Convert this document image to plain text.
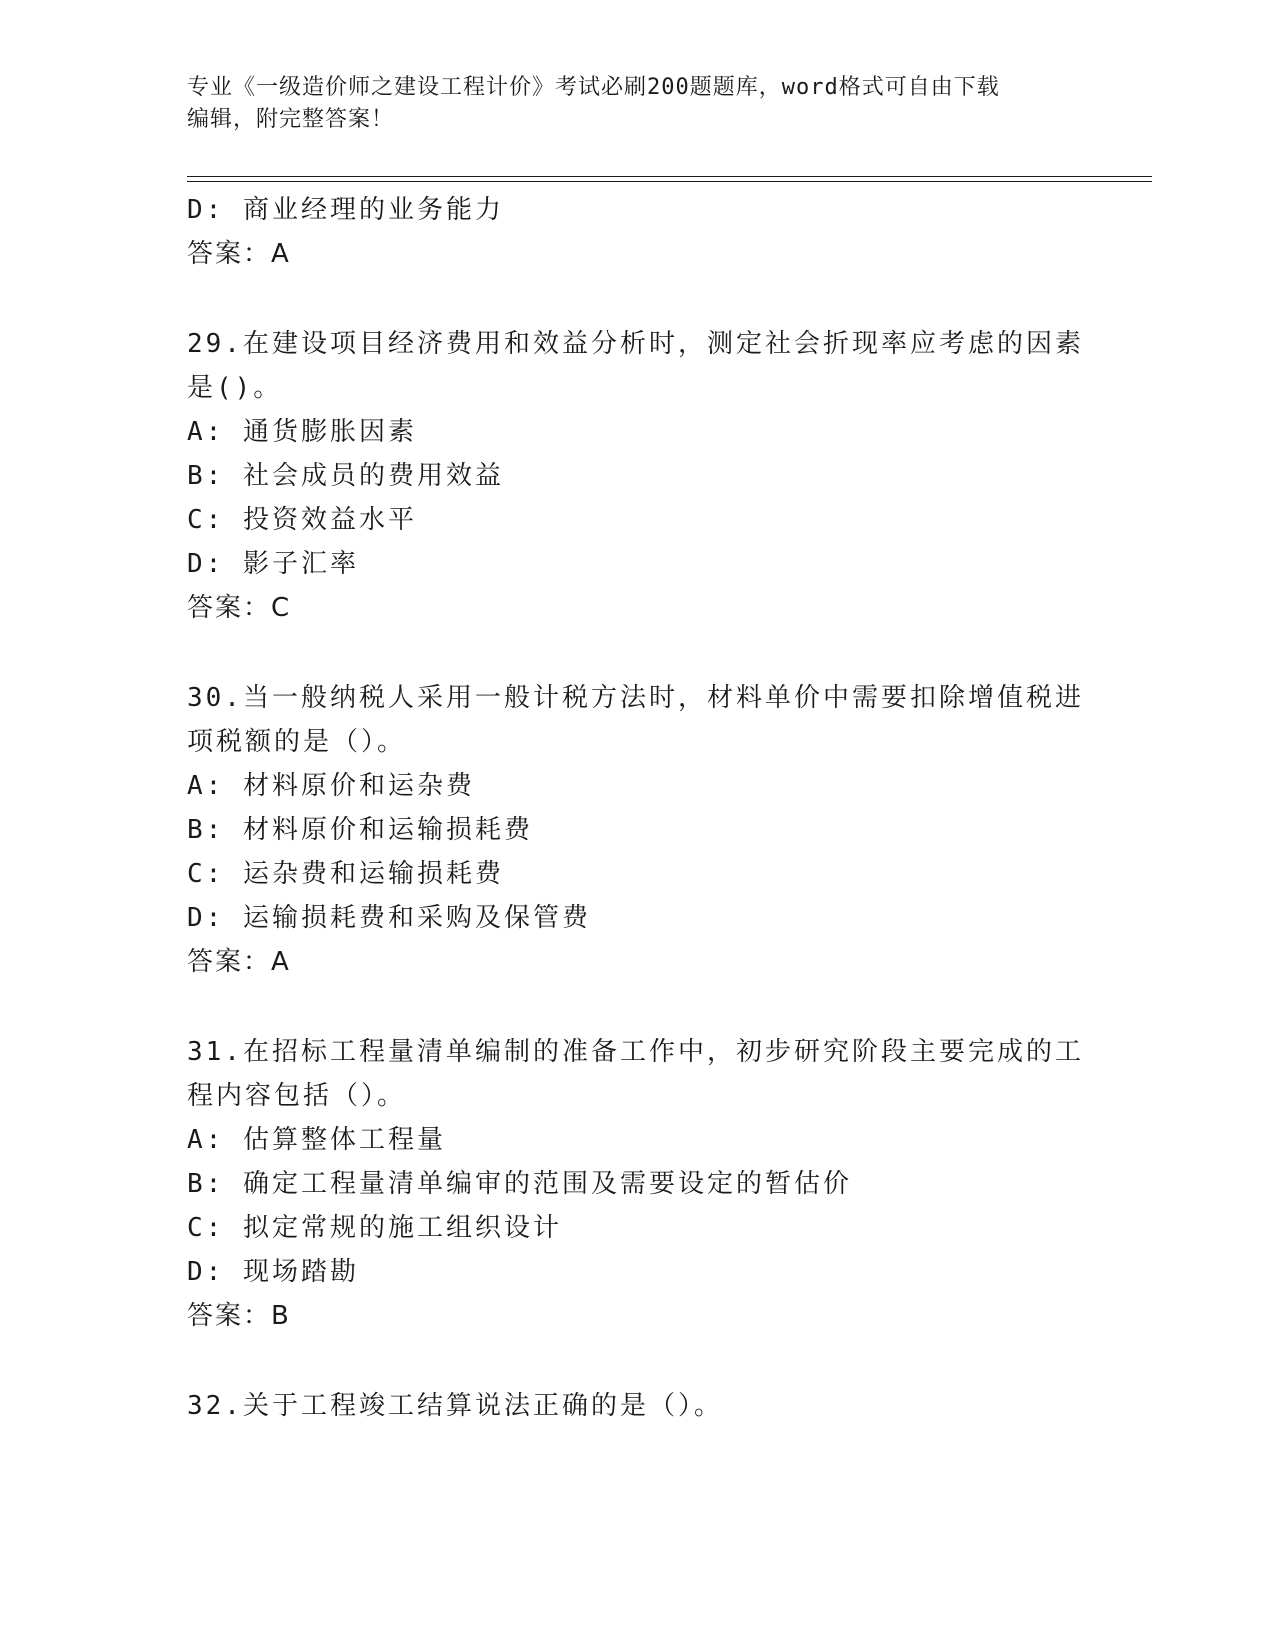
专业《一级造价师之建设工程计价》考试必刷200题题库，word格式可自由下载
编辑，附完整答案！
D: 商业经理的业务能力
答案：A
29.在建设项目经济费用和效益分析时，测定社会折现率应考虑的因素
是()。
A: 通货膨胀因素
B: 社会成员的费用效益
C: 投资效益水平
D: 影子汇率
答案：C
30.当一般纳税人采用一般计税方法时，材料单价中需要扣除增值税进
项税额的是（）。
A: 材料原价和运杂费
B: 材料原价和运输损耗费
C: 运杂费和运输损耗费
D: 运输损耗费和采购及保管费
答案：A
31.在招标工程量清单编制的准备工作中，初步研究阶段主要完成的工
程内容包括（）。
A: 估算整体工程量
B: 确定工程量清单编审的范围及需要设定的暂估价
C: 拟定常规的施工组织设计
D: 现场踏勘
答案：B
32.关于工程竣工结算说法正确的是（）。
